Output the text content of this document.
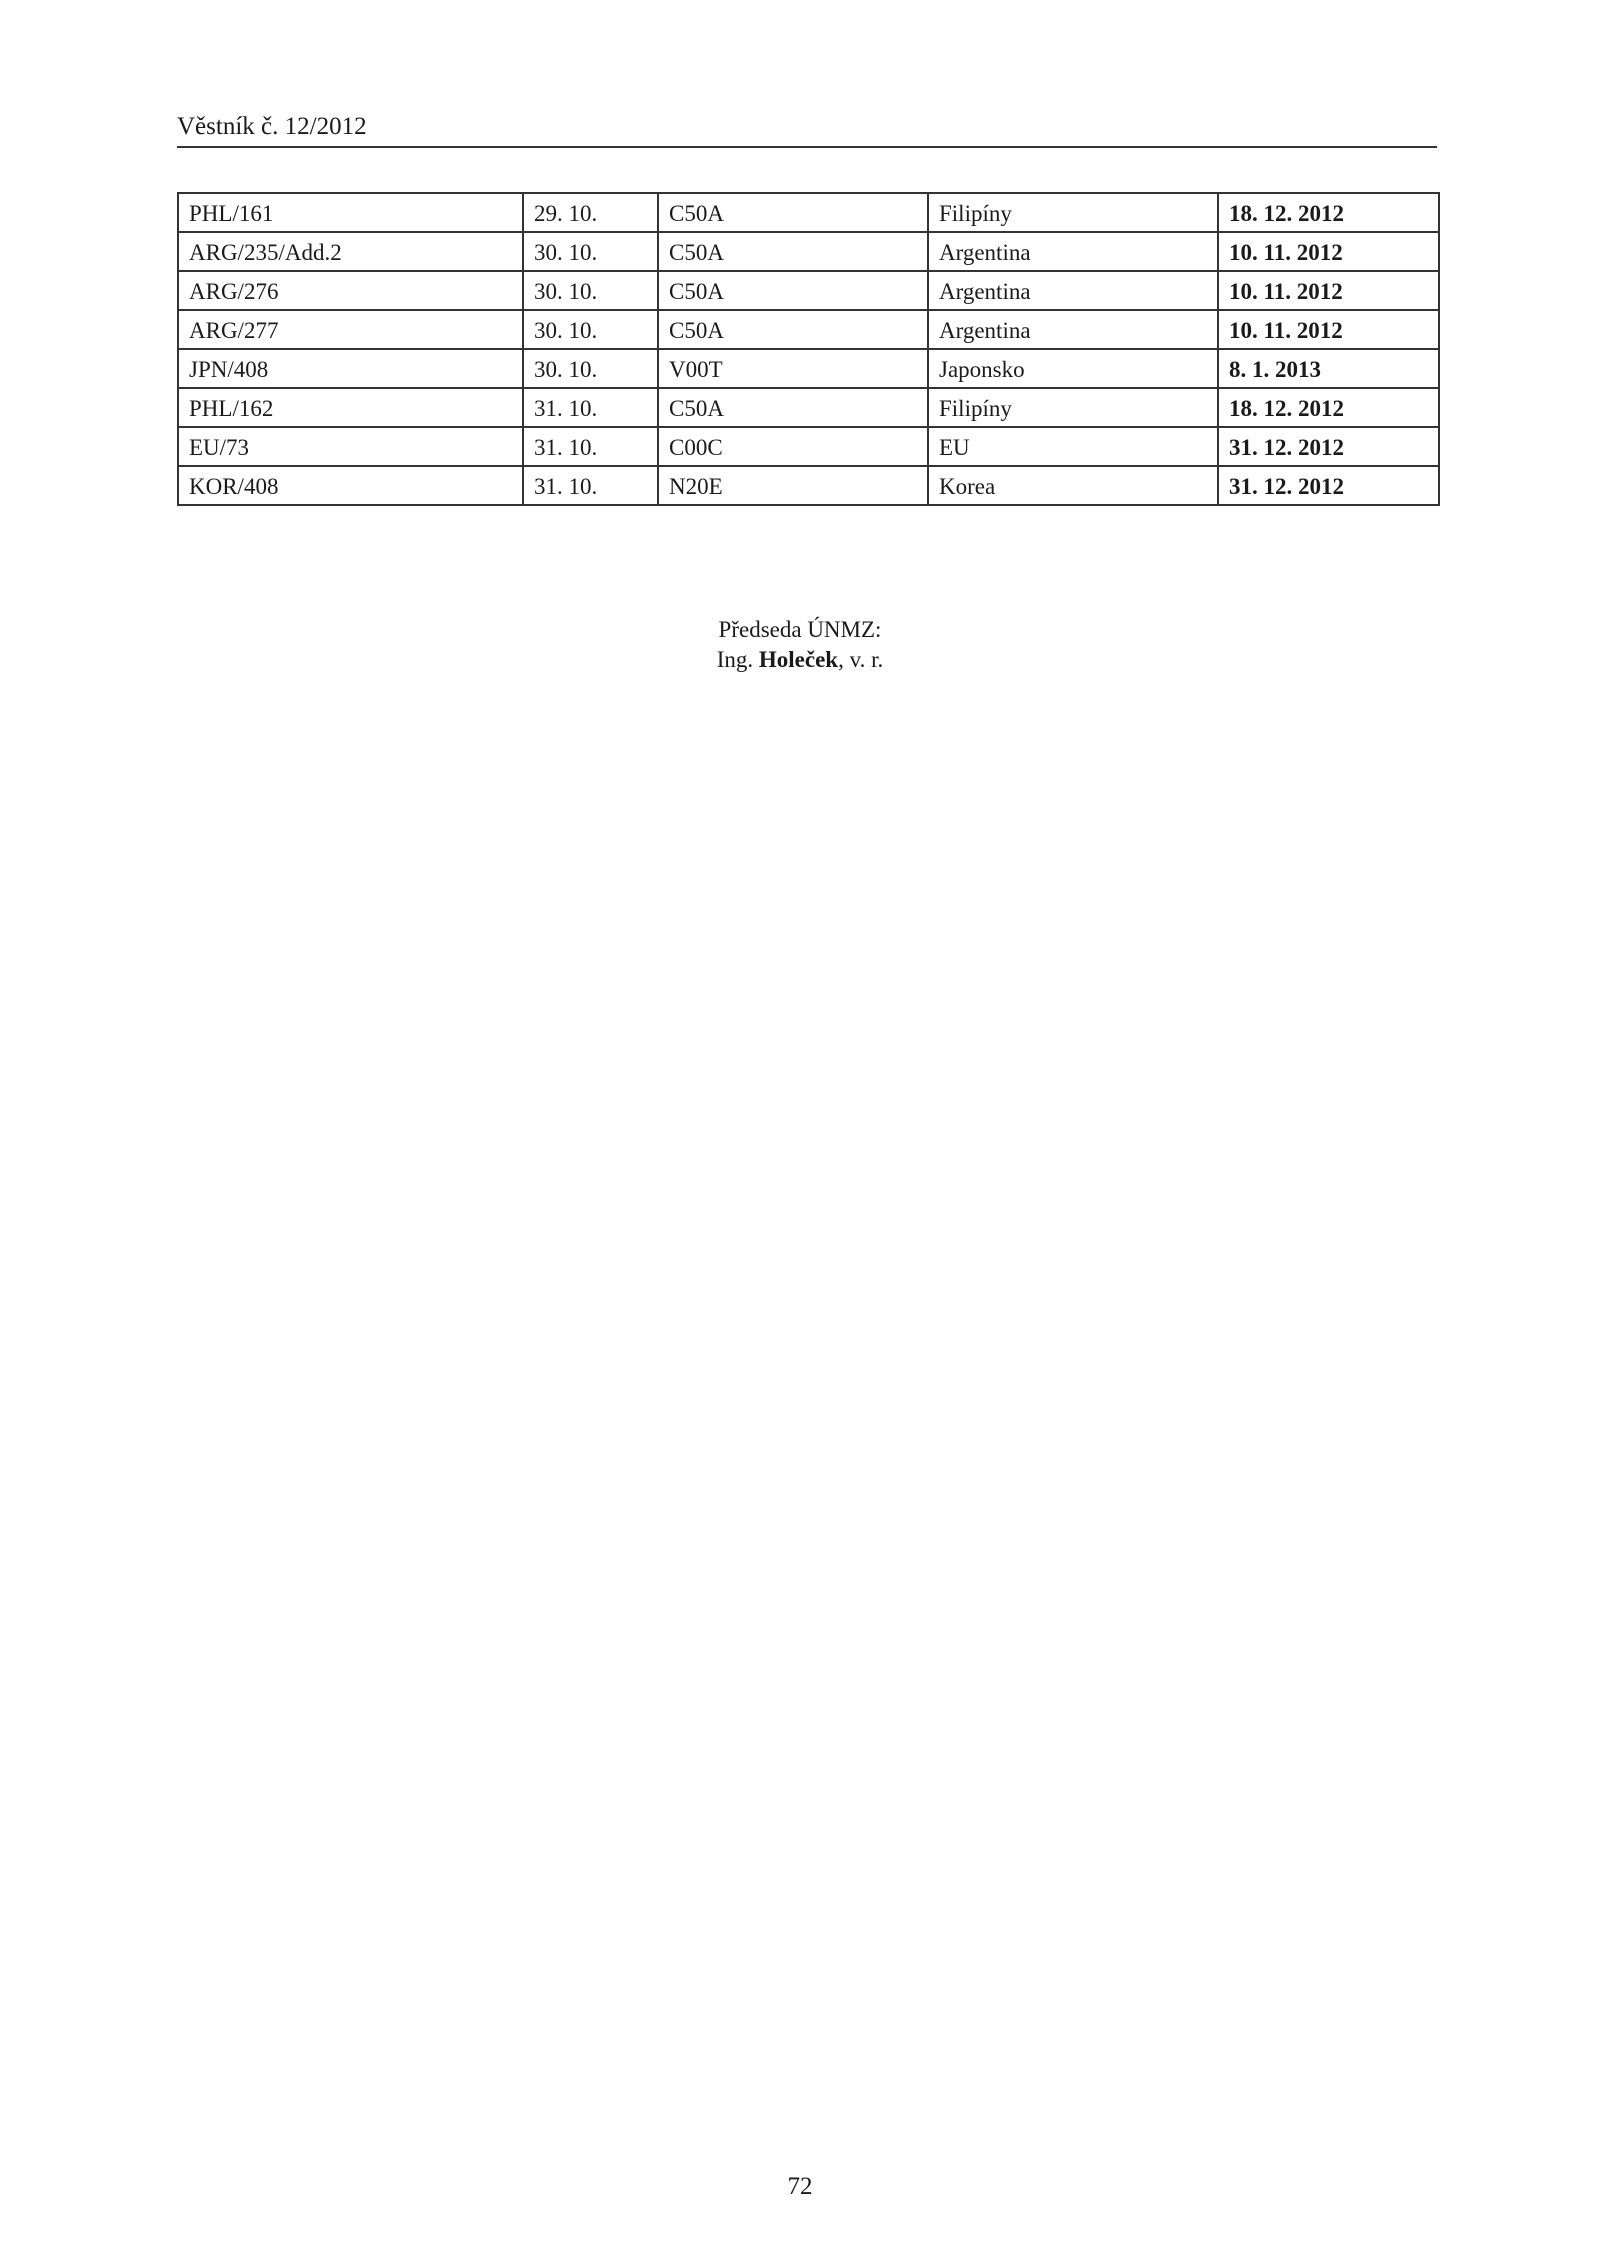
Věstník č. 12/2012
PHL/161	29. 10.	C50A	Filipíny	18. 12. 2012
ARG/235/Add.2	30. 10.	C50A	Argentina	10. 11. 2012
ARG/276	30. 10.	C50A	Argentina	10. 11. 2012
ARG/277	30. 10.	C50A	Argentina	10. 11. 2012
JPN/408	30. 10.	V00T	Japonsko	8. 1. 2013
PHL/162	31. 10.	C50A	Filipíny	18. 12. 2012
EU/73	31. 10.	C00C	EU	31. 12. 2012
KOR/408	31. 10.	N20E	Korea	31. 12. 2012
Předseda ÚNMZ:
Ing. Holeček, v. r.
72
